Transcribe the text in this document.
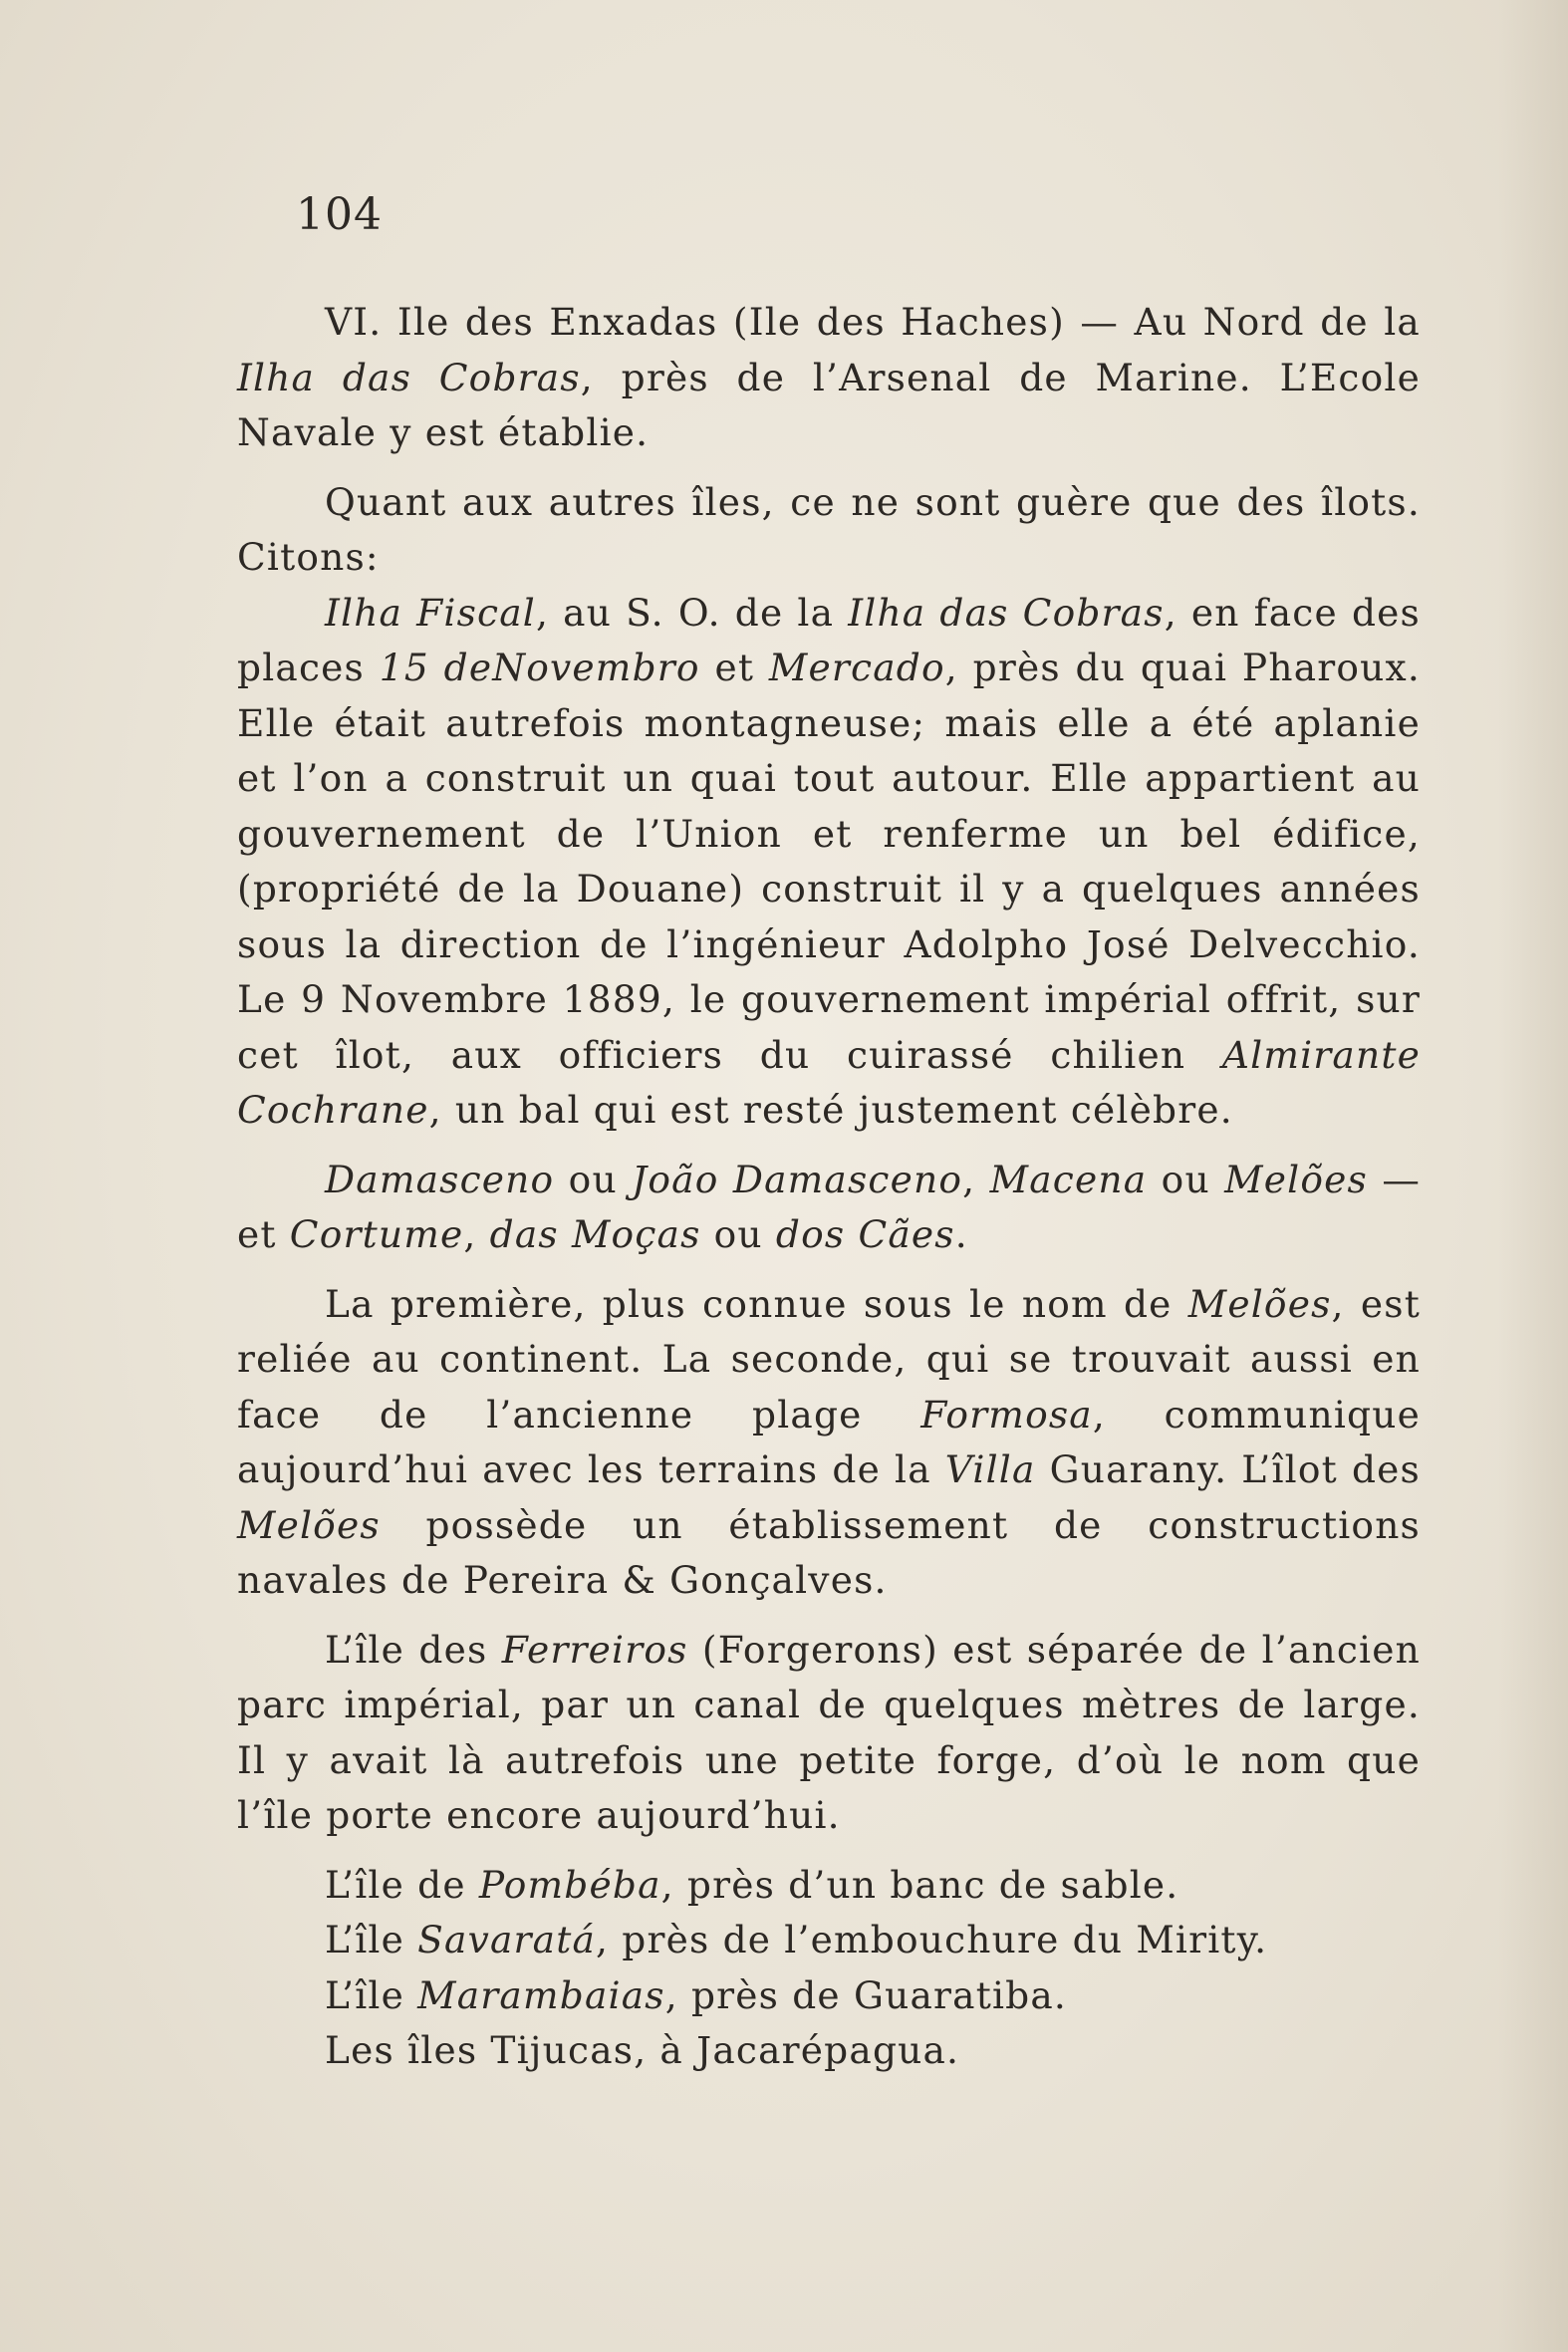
104

VI. Ile des Enxadas (Ile des Haches) — Au Nord de la Ilha das Cobras, près de l’Arsenal de Marine. L’Ecole Navale y est établie.

Quant aux autres îles, ce ne sont guère que des îlots. Citons:

Ilha Fiscal, au S. O. de la Ilha das Cobras, en face des places 15 deNovembro et Mercado, près du quai Pharoux. Elle était autrefois montagneuse; mais elle a été aplanie et l’on a construit un quai tout autour. Elle appartient au gouvernement de l’Union et renferme un bel édifice, (propriété de la Douane) construit il y a quelques années sous la direction de l’ingénieur Adolpho José Delvecchio. Le 9 Novembre 1889, le gouvernement impérial offrit, sur cet îlot, aux officiers du cuirassé chilien Almirante Cochrane, un bal qui est resté justement célèbre.

Damasceno ou João Damasceno, Macena ou Melões — et Cortume, das Moças ou dos Cães.

La première, plus connue sous le nom de Melões, est reliée au continent. La seconde, qui se trouvait aussi en face de l’ancienne plage Formosa, communique aujourd’hui avec les terrains de la Villa Guarany. L’îlot des Melões possède un établissement de constructions navales de Pereira & Gonçalves.

L’île des Ferreiros (Forgerons) est séparée de l’ancien parc impérial, par un canal de quelques mètres de large. Il y avait là autrefois une petite forge, d’où le nom que l’île porte encore aujourd’hui.

L’île de Pombéba, près d’un banc de sable.

L’île Savaratá, près de l’embouchure du Mirity.

L’île Marambaias, près de Guaratiba.

Les îles Tijucas, à Jacarépagua.
